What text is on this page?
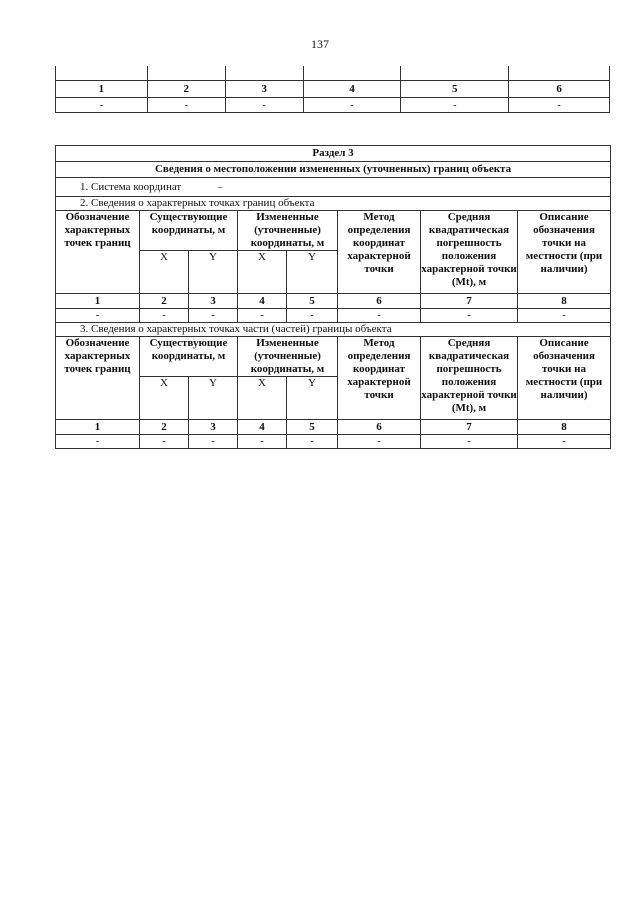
137

1	2	3	4	5	6
-	-	-	-	-	-
Раздел 3							
Сведения о местоположении измененных (уточненных) границ объекта							
1. Система координат –							
2. Сведения о характерных точках границ объекта							
Обозначение характерных точек границ	Существующие координаты, м		Измененные (уточненные) координаты, м		Метод определения координат характерной точки	Средняя квадратическая погрешность положения характерной точки (Mt), м	Описание обозначения точки на местности (при наличии)
	X	Y	X	Y			
1	2	3	4	5	6	7	8
-	-	-	-	-	-	-	-
3. Сведения о характерных точках части (частей) границы объекта							
Обозначение характерных точек границ	Существующие координаты, м		Измененные (уточненные) координаты, м		Метод определения координат характерной точки	Средняя квадратическая погрешность положения характерной точки (Mt), м	Описание обозначения точки на местности (при наличии)
	X	Y	X	Y			
1	2	3	4	5	6	7	8
-	-	-	-	-	-	-	-
